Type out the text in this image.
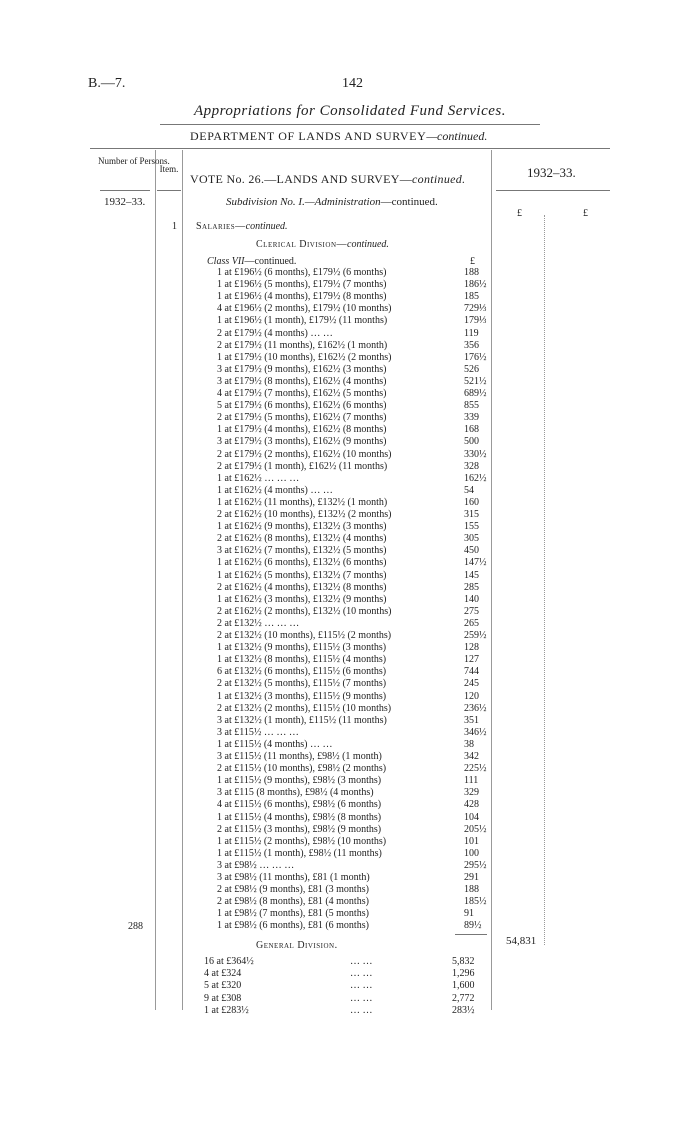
B.—7.	142
Appropriations for Consolidated Fund Services.
DEPARTMENT OF LANDS AND SURVEY—continued.
Number of Persons.
Item.	1932–33.
1932–33.
VOTE No. 26.—LANDS AND SURVEY—continued.
Subdivision No. I.—Administration—continued.
£	£
1 Salaries—continued.
Clerical Division—continued.
Class VII—continued.	£
1 at £196½ (6 months), £179½ (6 months)	188
1 at £196½ (5 months), £179½ (7 months)	186½
1 at £196½ (4 months), £179½ (8 months)	185
4 at £196½ (2 months), £179½ (10 months)	729⅓
1 at £196½ (1 month), £179½ (11 months)	179⅓
2 at £179½ (4 months) … …	119
2 at £179½ (11 months), £162½ (1 month)	356
1 at £179½ (10 months), £162½ (2 months)	176½
3 at £179½ (9 months), £162½ (3 months)	526
3 at £179½ (8 months), £162½ (4 months)	521½
4 at £179½ (7 months), £162½ (5 months)	689½
5 at £179½ (6 months), £162½ (6 months)	855
2 at £179½ (5 months), £162½ (7 months)	339
1 at £179½ (4 months), £162½ (8 months)	168
3 at £179½ (3 months), £162½ (9 months)	500
2 at £179½ (2 months), £162½ (10 months)	330½
2 at £179½ (1 month), £162½ (11 months)	328
1 at £162½ … … …	162½
1 at £162½ (4 months) … …	54
1 at £162½ (11 months), £132½ (1 month)	160
2 at £162½ (10 months), £132½ (2 months)	315
1 at £162½ (9 months), £132½ (3 months)	155
2 at £162½ (8 months), £132½ (4 months)	305
3 at £162½ (7 months), £132½ (5 months)	450
1 at £162½ (6 months), £132½ (6 months)	147½
1 at £162½ (5 months), £132½ (7 months)	145
2 at £162½ (4 months), £132½ (8 months)	285
1 at £162½ (3 months), £132½ (9 months)	140
2 at £162½ (2 months), £132½ (10 months)	275
2 at £132½ … … …	265
2 at £132½ (10 months), £115½ (2 months)	259½
1 at £132½ (9 months), £115½ (3 months)	128
1 at £132½ (8 months), £115½ (4 months)	127
6 at £132½ (6 months), £115½ (6 months)	744
2 at £132½ (5 months), £115½ (7 months)	245
1 at £132½ (3 months), £115½ (9 months)	120
2 at £132½ (2 months), £115½ (10 months)	236½
3 at £132½ (1 month), £115½ (11 months)	351
3 at £115½ … … …	346½
1 at £115½ (4 months) … …	38
3 at £115½ (11 months), £98½ (1 month)	342
2 at £115½ (10 months), £98½ (2 months)	225½
1 at £115½ (9 months), £98½ (3 months)	111
3 at £115 (8 months), £98½ (4 months)	329
4 at £115½ (6 months), £98½ (6 months)	428
1 at £115½ (4 months), £98½ (8 months)	104
2 at £115½ (3 months), £98½ (9 months)	205½
1 at £115½ (2 months), £98½ (10 months)	101
1 at £115½ (1 month), £98½ (11 months)	100
3 at £98½ … … …	295½
3 at £98½ (11 months), £81 (1 month)	291
2 at £98½ (9 months), £81 (3 months)	188
2 at £98½ (8 months), £81 (4 months)	185½
1 at £98½ (7 months), £81 (5 months)	91
1 at £98½ (6 months), £81 (6 months)	89½
16 at £364½	… …	5,832
4 at £324	… …	1,296
5 at £320	… …	1,600
9 at £308	… …	2,772
1 at £283½	… …	283½
288
54,831
General Division.
